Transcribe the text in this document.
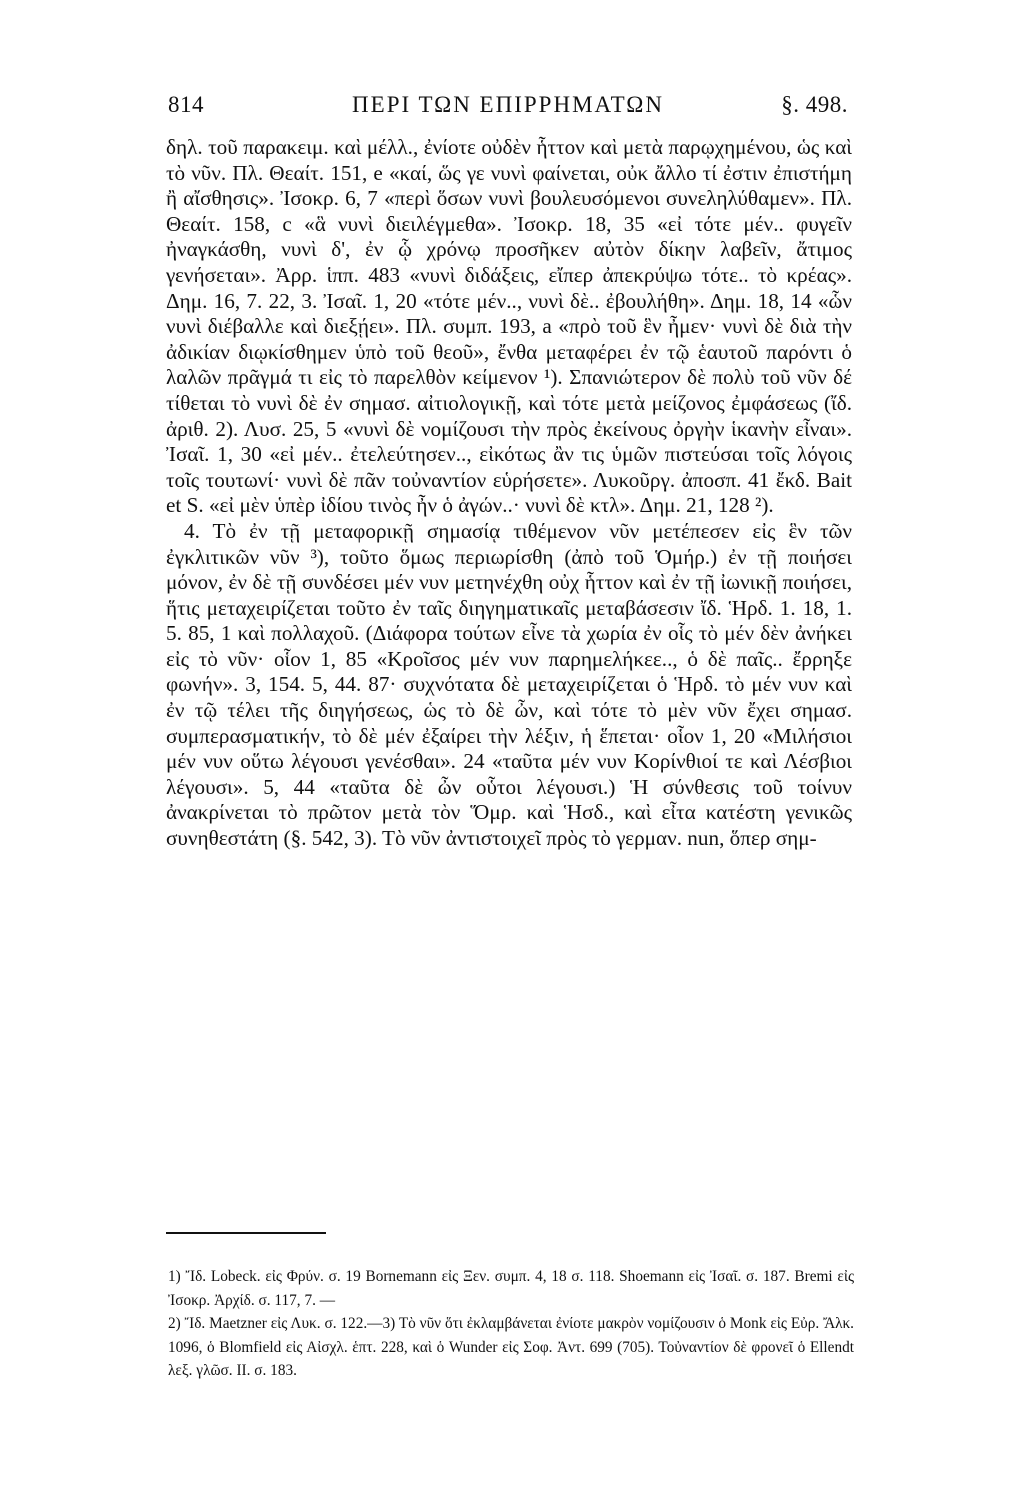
814	ΠΕΡΙ ΤΩΝ ΕΠΙΡΡΗΜΑΤΩΝ	§. 498.

δηλ. τοῦ παρακειμ. καὶ μέλλ., ἐνίοτε οὐδὲν ἧττον καὶ μετὰ παρῳχημένου, ὡς καὶ τὸ νῦν. Πλ. Θεαίτ. 151, e «καί, ὥς γε νυνὶ φαίνεται, οὐκ ἄλλο τί ἐστιν ἐπιστήμη ἢ αἴσθησις». Ἰσοκρ. 6, 7 «περὶ ὅσων νυνὶ βουλευσόμενοι συνεληλύθαμεν». Πλ. Θεαίτ. 158, c «ἃ νυνὶ διειλέγμεθα». Ἰσοκρ. 18, 35 «εἰ τότε μέν.. φυγεῖν ἠναγκάσθη, νυνὶ δ', ἐν ᾧ χρόνῳ προσῆκεν αὐτὸν δίκην λαβεῖν, ἄτιμος γενήσεται». Ἀρρ. ἱππ. 483 «νυνὶ διδάξεις, εἴπερ ἀπεκρύψω τότε.. τὸ κρέας». Δημ. 16, 7. 22, 3. Ἰσαῖ. 1, 20 «τότε μέν.., νυνὶ δὲ.. ἐβουλήθη». Δημ. 18, 14 «ὧν νυνὶ διέβαλλε καὶ διεξῄει». Πλ. συμπ. 193, a «πρὸ τοῦ ἓν ἦμεν· νυνὶ δὲ διὰ τὴν ἀδικίαν διῳκίσθημεν ὑπὸ τοῦ θεοῦ», ἔνθα μεταφέρει ἐν τῷ ἑαυτοῦ παρόντι ὁ λαλῶν πρᾶγμά τι εἰς τὸ παρελθὸν κείμενον ¹). Σπανιώτερον δὲ πολὺ τοῦ νῦν δέ τίθεται τὸ νυνὶ δὲ ἐν σημασ. αἰτιολογικῇ, καὶ τότε μετὰ μείζονος ἐμφάσεως (ἴδ. ἀριθ. 2). Λυσ. 25, 5 «νυνὶ δὲ νομίζουσι τὴν πρὸς ἐκείνους ὀργὴν ἱκανὴν εἶναι». Ἰσαῖ. 1, 30 «εἰ μέν.. ἐτελεύτησεν.., εἰκότως ἂν τις ὑμῶν πιστεύσαι τοῖς λόγοις τοῖς τουτωνί· νυνὶ δὲ πᾶν τοὐναντίον εὑρήσετε». Λυκοῦργ. ἀποσπ. 41 ἔκδ. Bait et S. «εἰ μὲν ὑπὲρ ἰδίου τινὸς ἦν ὁ ἀγών..· νυνὶ δὲ κτλ». Δημ. 21, 128 ²).

4. Τὸ ἐν τῇ μεταφορικῇ σημασίᾳ τιθέμενον νῦν μετέπεσεν εἰς ἓν τῶν ἐγκλιτικῶν νῦν ³), τοῦτο ὅμως περιωρίσθη (ἀπὸ τοῦ Ὁμήρ.) ἐν τῇ ποιήσει μόνον, ἐν δὲ τῇ συνδέσει μέν νυν μετηνέχθη οὐχ ἧττον καὶ ἐν τῇ ἰωνικῇ ποιήσει, ἥτις μεταχειρίζεται τοῦτο ἐν ταῖς διηγηματικαῖς μεταβάσεσιν ἴδ. Ἡρδ. 1. 18, 1. 5. 85, 1 καὶ πολλαχοῦ. (Διάφορα τούτων εἶνε τὰ χωρία ἐν οἷς τὸ μέν δὲν ἀνήκει εἰς τὸ νῦν· οἷον 1, 85 «Κροῖσος μέν νυν παρημελήκεε.., ὁ δὲ παῖς.. ἔρρηξε φωνήν». 3, 154. 5, 44. 87· συχνότατα δὲ μεταχειρίζεται ὁ Ἡρδ. τὸ μέν νυν καὶ ἐν τῷ τέλει τῆς διηγήσεως, ὡς τὸ δὲ ὦν, καὶ τότε τὸ μὲν νῦν ἔχει σημασ. συμπερασματικήν, τὸ δὲ μέν ἐξαίρει τὴν λέξιν, ἡ ἕπεται· οἷον 1, 20 «Μιλήσιοι μέν νυν οὕτω λέγουσι γενέσθαι». 24 «ταῦτα μέν νυν Κορίνθιοί τε καὶ Λέσβιοι λέγουσι». 5, 44 «ταῦτα δὲ ὦν οὗτοι λέγουσι.) Ἡ σύνθεσις τοῦ τοίνυν ἀνακρίνεται τὸ πρῶτον μετὰ τὸν Ὅμρ. καὶ Ἡσδ., καὶ εἶτα κατέστη γενικῶς συνηθεστάτη (§. 542, 3). Τὸ νῦν ἀντιστοιχεῖ πρὸς τὸ γερμαν. nun, ὅπερ σημ-

1) Ἴδ. Lobeck. εἰς Φρύν. σ. 19 Bornemann εἰς Ξεν. συμπ. 4, 18 σ. 118. Shoemann εἰς Ἰσαῖ. σ. 187. Bremi εἰς Ἰσοκρ. Ἀρχίδ. σ. 117, 7. —

2) Ἴδ. Maetzner εἰς Λυκ. σ. 122.—3) Τὸ νῦν ὅτι ἐκλαμβάνεται ἐνίοτε μακρὸν νομίζουσιν ὁ Monk εἰς Εὐρ. Ἄλκ. 1096, ὁ Blomfield εἰς Αἰσχλ. ἑπτ. 228, καὶ ὁ Wunder εἰς Σοφ. Ἀντ. 699 (705). Τοὐναντίον δὲ φρονεῖ ὁ Ellendt λεξ. γλῶσ. II. σ. 183.
